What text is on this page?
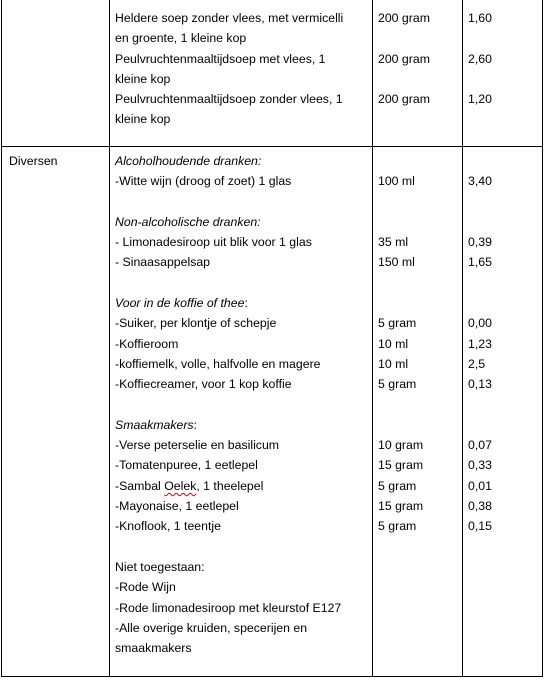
Heldere soep zonder vlees, met vermicelli
en groente, 1 kleine kop
Peulvruchtenmaaltijdsoep met vlees, 1
kleine kop
Peulvruchtenmaaltijdsoep zonder vlees, 1
kleine kop
200 gram
200 gram
200 gram
1,60
2,60
1,20
Diversen	Alcoholhoudende dranken:
-Witte wijn (droog of zoet) 1 glas
Non-alcoholische dranken:
- Limonadesiroop uit blik voor 1 glas
- Sinaasappelsap
Voor in de koffie of thee:
-Suiker, per klontje of schepje
-Koffieroom
-koffiemelk, volle, halfvolle en magere
-Koffiecreamer, voor 1 kop koffie
Smaakmakers:
-Verse peterselie en basilicum
-Tomatenpuree, 1 eetlepel
-Sambal Oelek, 1 theelepel
-Mayonaise, 1 eetlepel
-Knoflook, 1 teentje
Niet toegestaan:
-Rode Wijn
-Rode limonadesiroop met kleurstof E127
-Alle overige kruiden, specerijen en
smaakmakers
100 ml
35 ml
150 ml
5 gram
10 ml
10 ml
5 gram
10 gram
15 gram
5 gram
15 gram
5 gram
3,40
0,39
1,65
0,00
1,23
2,5
0,13
0,07
0,33
0,01
0,38
0,15
